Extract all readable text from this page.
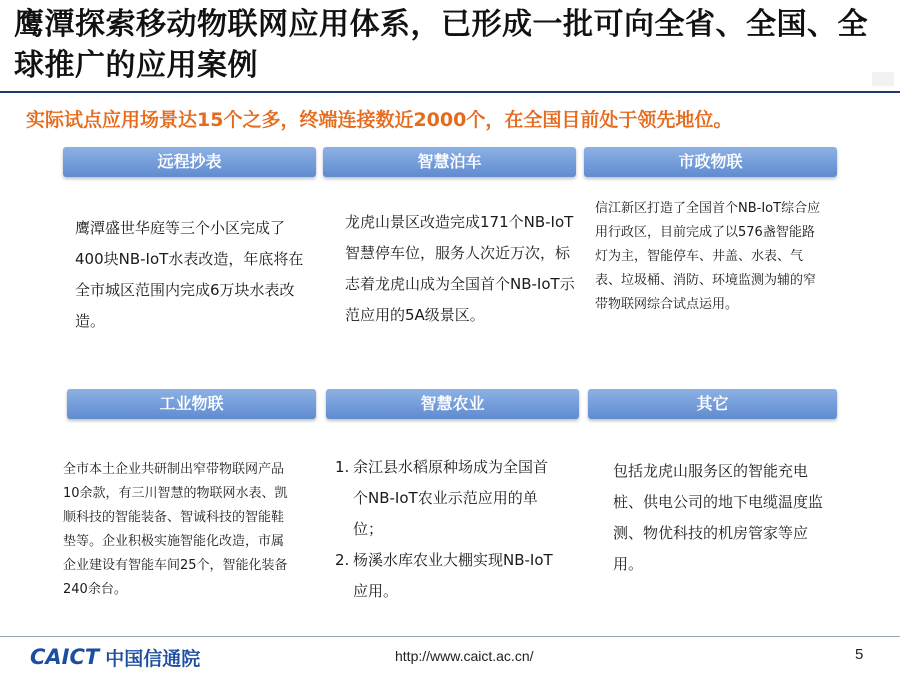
鹰潭探索移动物联网应用体系，已形成一批可向全省、全国、全球推广的应用案例
实际试点应用场景达15个之多，终端连接数近2000个，在全国目前处于领先地位。
远程抄表	智慧泊车	市政物联
鹰潭盛世华庭等三个小区完成了400块NB-IoT水表改造，年底将在全市城区范围内完成6万块水表改造。
龙虎山景区改造完成171个NB-IoT智慧停车位，服务人次近万次，标志着龙虎山成为全国首个NB-IoT示范应用的5A级景区。
信江新区打造了全国首个NB-IoT综合应用行政区，目前完成了以576盏智能路灯为主，智能停车、井盖、水表、气表、垃圾桶、消防、环境监测为辅的窄带物联网综合试点运用。
工业物联	智慧农业	其它
全市本土企业共研制出窄带物联网产品10余款，有三川智慧的物联网水表、凯顺科技的智能装备、智诚科技的智能鞋垫等。企业积极实施智能化改造，市属企业建设有智能车间25个，智能化装备240余台。
1. 余江县水稻原种场成为全国首个NB-IoT农业示范应用的单位；
2. 杨溪水库农业大棚实现NB-IoT应用。
包括龙虎山服务区的智能充电桩、供电公司的地下电缆温度监测、物优科技的机房管家等应用。
CAICT 中国信通院	http://www.caict.ac.cn/	5
